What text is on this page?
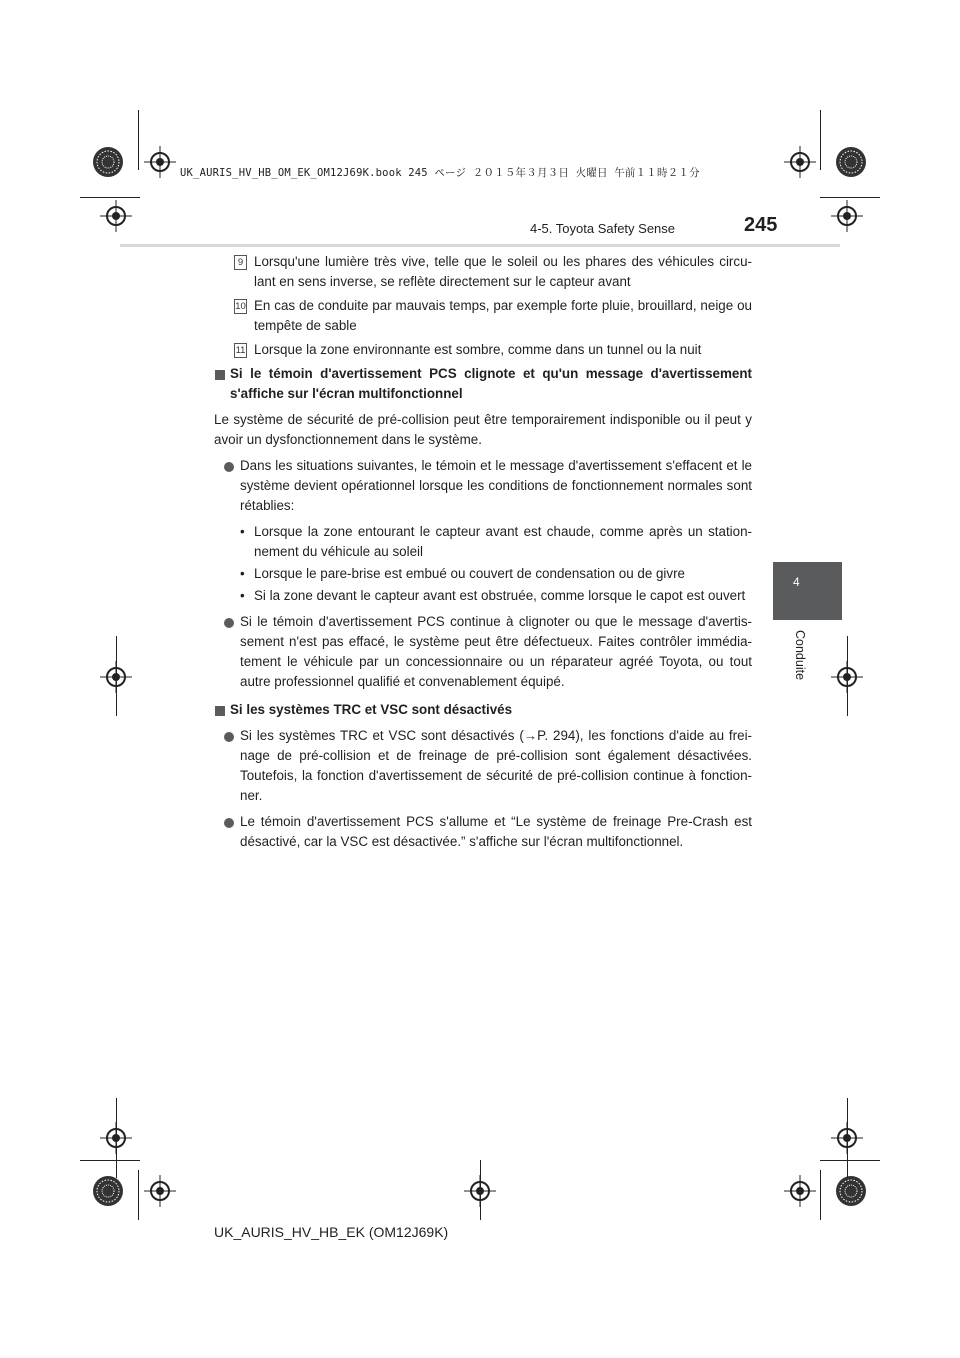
UK_AURIS_HV_HB_OM_EK_OM12J69K.book 245 ページ ２０１５年３月３日 火曜日 午前１１時２１分
4-5. Toyota Safety Sense	245
4
Conduite
9 Lorsqu'une lumière très vive, telle que le soleil ou les phares des véhicules circu-lant en sens inverse, se reflète directement sur le capteur avant
10 En cas de conduite par mauvais temps, par exemple forte pluie, brouillard, neige ou tempête de sable
11 Lorsque la zone environnante est sombre, comme dans un tunnel ou la nuit
Si le témoin d'avertissement PCS clignote et qu'un message d'avertissement s'affiche sur l'écran multifonctionnel
Le système de sécurité de pré-collision peut être temporairement indisponible ou il peut y avoir un dysfonctionnement dans le système.
Dans les situations suivantes, le témoin et le message d'avertissement s'effacent et le système devient opérationnel lorsque les conditions de fonctionnement normales sont rétablies:
• Lorsque la zone entourant le capteur avant est chaude, comme après un station-nement du véhicule au soleil
• Lorsque le pare-brise est embué ou couvert de condensation ou de givre
• Si la zone devant le capteur avant est obstruée, comme lorsque le capot est ouvert
Si le témoin d'avertissement PCS continue à clignoter ou que le message d'avertis-sement n'est pas effacé, le système peut être défectueux. Faites contrôler immédia-tement le véhicule par un concessionnaire ou un réparateur agréé Toyota, ou tout autre professionnel qualifié et convenablement équipé.
Si les systèmes TRC et VSC sont désactivés
Si les systèmes TRC et VSC sont désactivés (→P. 294), les fonctions d'aide au frei-nage de pré-collision et de freinage de pré-collision sont également désactivées. Toutefois, la fonction d'avertissement de sécurité de pré-collision continue à fonction-ner.
Le témoin d'avertissement PCS s'allume et “Le système de freinage Pre-Crash est désactivé, car la VSC est désactivée.” s'affiche sur l'écran multifonctionnel.
UK_AURIS_HV_HB_EK (OM12J69K)
